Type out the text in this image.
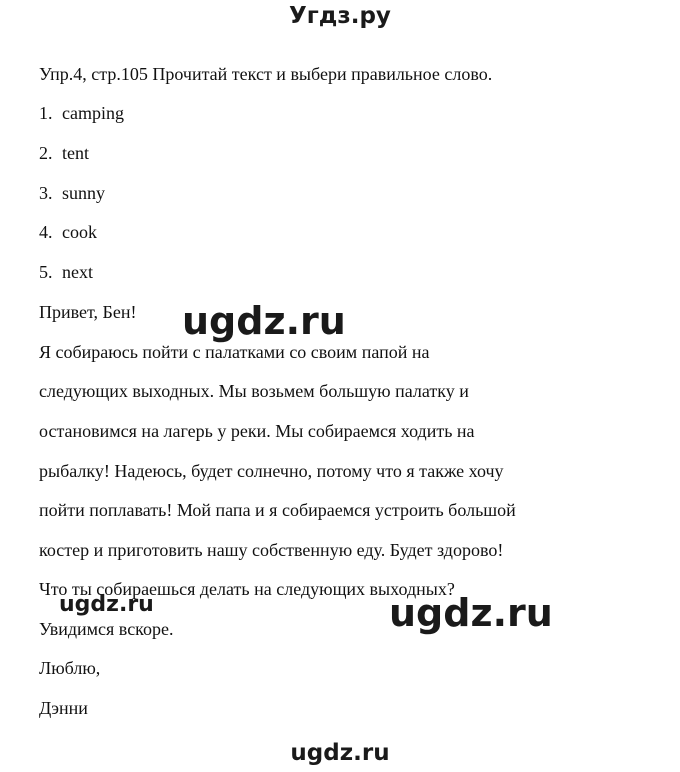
Угдз.ру
Упр.4, стр.105 Прочитай текст и выбери правильное слово.
1. camping
2. tent
3. sunny
4. cook
5. next
Привет, Бен!
Я собираюсь пойти с палатками со своим папой на
следующих выходных. Мы возьмем большую палатку и
остановимся на лагерь у реки. Мы собираемся ходить на
рыбалку! Надеюсь, будет солнечно, потому что я также хочу
пойти поплавать! Мой папа и я собираемся устроить большой
костер и приготовить нашу собственную еду. Будет здорово!
Что ты собираешься делать на следующих выходных?
Увидимся вскоре.
Люблю,
Дэнни
ugdz.ru
ugdz.ru
ugdz.ru
ugdz.ru
